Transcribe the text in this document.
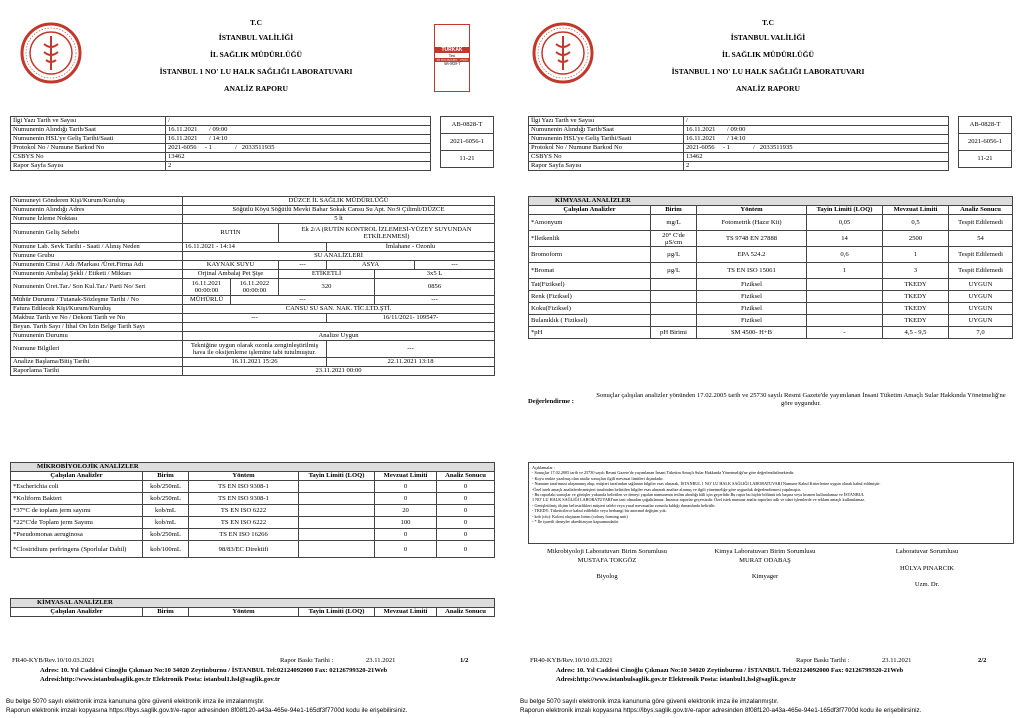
T.C
İSTANBUL VALİLİĞİ
İL SAĞLIK MÜDÜRLÜĞÜ
İSTANBUL 1 NO' LU HALK SAĞLIĞI LABORATUVARI
ANALİZ RAPORU
TÜRKAK
Test
TS EN ISO/IEC 17025
AB-0828-T
İlgi Yazı Tarih ve Sayısı	/
Numunenin Alındığı Tarih/Saat	16.11.2021       / 09:00
Numunenin HSL'ye Geliş Tarihi/Saati	16.11.2021       / 14:10
Protokol No / Numune Barkod No	2021-6056     - 1              /   2033511935
CSBYS No	13462
Rapor Sayfa Sayısı	2
AB-0828-T
2021-6056-1
11-21
Numuneyi Gönderen Kişi/Kurum/Kuruluş	DÜZCE İL SAĞLIK MÜDÜRLÜĞÜ					
Numunenin Alındığı Adres	Söğütlü Köyü Söğütlü Mevki Bahar Sokak Cansu Su Apt. No:9 Çilimli/DÜZCE					
Numune İzleme Noktası	5 lt					
Numunenin Geliş Sebebi	RUTİN		Ek 2/A (RUTİN KONTROL İZLEMESİ-YÜZEY SUYUNDAN ETKİLENMESİ)			
Numune Lab. Sevk Tarihi - Saati / Alınış Neden	16.11.2021 - 14:14			İmlahane - Ozonlu		
Numune Grubu	SU ANALİZLERİ					
Numunenin Cinsi / Adı /Markası /Üret.Firma Adı	KAYNAK SUYU		---	ASYA		---
Numunenin Ambalaj Şekli / Etiketi / Miktarı	Orjinal Ambalaj Pet Şişe		ETİKETLİ		3x5 L	
Numunenin Üret.Tar./ Son Kul.Tar./ Parti No/ Seri	16.11.2021 00:00:00	16.11.2022 00:00:00	320		0856	
Mühür Durumu / Tutanak-Sözleşme Tarihi / No	MÜHÜRLÜ	---			---	
Fatura Edilecek Kişi/Kurum/Kuruluş	CANSU SU SAN. NAK. TİC.LTD.ŞTİ.					
Makbuz Tarih ve No / Dekont Tarih ve No	---			16/11/2021- 109547-		
Beyan. Tarih Sayı / İthal On İzin Belge Tarih Sayı						
Numunenin Durumu	Analize Uygun					
Numune Bilgileri	Tekniğine uygun olarak ozonla zenginleştirilmiş hava ile oksijenleme işlemine tabi tutulmuştur.			---		
Analize Başlama/Bitiş Tarihi	16.11.2021 15:26			22.11.2021 13:18		
Raporlama Tarihi	23.11.2021 00:00					
MİKROBİYOLOJİK ANALİZLER					
Çalışılan Analizler	Birim	Yöntem	Tayin Limiti (LOQ)	Mevzuat Limiti	Analiz Sonucu
*Escherichia coli	kob/250mL	TS EN ISO 9308-1		0	0
*Koliform Bakteri	kob/250mL	TS EN ISO 9308-1		0	0
*37°C de toplam jerm sayımı	kob/mL	TS EN ISO 6222		20	0
*22°C'de Toplam jerm Sayımı	kob/mL	TS EN ISO 6222		100	0
*Pseudomonas aeruginosa	kob/250mL	TS EN ISO 16266		0	0
*Clostridium perfringens (Sporlular Dahil)	kob/100mL	98/83/EC Direktifi		0	0
KİMYASAL ANALİZLER
Çalışılan Analizler	Birim	Yöntem	Tayin Limiti (LOQ)	Mevzuat Limiti	Analiz Sonucu
FR40-KYB/Rev.10/10.03.2021	Rapor Baskı Tarihi :	23.11.2021	1/2
Adres: 10. Yıl Caddesi Cinoğlu Çıkmazı No:10 34020 Zeytinburnu / İSTANBUL Tel:02124092000 Fax: 02126799320-21Web
Adresi:http://www.istanbulsaglik.gov.tr Elektronik Posta: istanbul1.hsl@saglik.gov.tr
Bu belge 5070 sayılı elektronik imza kanununa göre güvenli elektronik imza ile imzalanmıştır.
Raporun elektronik imzalı kopyasına https://lbys.saglik.gov.tr/e-rapor adresinden 8f08f120-a43a-465e-94e1-165df3f7700d kodu ile erişebilirsiniz.
T.C
İSTANBUL VALİLİĞİ
İL SAĞLIK MÜDÜRLÜĞÜ
İSTANBUL 1 NO' LU HALK SAĞLIĞI LABORATUVARI
ANALİZ RAPORU
İlgi Yazı Tarih ve Sayısı	/
Numunenin Alındığı Tarih/Saat	16.11.2021       / 09:00
Numunenin HSL'ye Geliş Tarihi/Saati	16.11.2021       / 14:10
Protokol No / Numune Barkod No	2021-6056     - 1              /   2033511935
CSBYS No	13462
Rapor Sayfa Sayısı	2
AB-0828-T
2021-6056-1
11-21
KİMYASAL ANALİZLER					
Çalışılan Analizler	Birim	Yöntem	Tayin Limiti (LOQ)	Mevzuat Limiti	Analiz Sonucu
*Amonyum	mg/L	Fotometrik (Hazır Kit)	0,05	0,5	Tespit Edilemedi
*İletkenlik	20° C'de µS/cm	TS 9748 EN 27888	14	2500	54
Bromoform	µg/L	EPA 524.2	0,6	1	Tespit Edilemedi
*Bromat	µg/L	TS EN ISO 15061	1	3	Tespit Edilemedi
Tat(Fiziksel)		Fiziksel		TKEDY	UYGUN
Renk (Fiziksel)		Fiziksel		TKEDY	UYGUN
Koku(Fiziksel)		Fiziksel		TKEDY	UYGUN
Bulanıklık ( Fiziksel)		Fiziksel		TKEDY	UYGUN
*pH	pH Birimi	SM 4500- H+B	-	4,5 - 9,5	7,0
Değerlendirme :
Sonuçlar çalışılan analizler yönünden 17.02.2005 tarih ve 25730 sayılı Resmi Gazete'de yayımlanan İnsani Tüketim Amaçlı Sular Hakkında Yönetmeliğ'ne göre uygundur.
Açıklamalar :
- Sonuçlar 17.02.2005 tarih ve 25730 sayılı Resmi Gazete'de yayımlanan İnsani Tüketim Amaçlı Sular Hakkında Yönetmeliği'ne göre değerlendirilmektedir.
- Koyu renkte yazılmış olan analiz sonuçları ilgili mevzuat limitleri dışındadır.
- Numune tarafımıza ulaşmamış olup, müşteri tarafından sağlanan bilgiler esas alınarak, İSTANBUL 1 NO' LU HALK SAĞLIĞI LABORATUVARI Numune Kabul Kriterlerine uygun olarak kabul edilmiştir.
-Özel istek amaçlı analizlerde;müşteri tarafından belirtilen bilgiler esas alınarak analize alınmış ve ilgili yönetmeliğe göre uygunluk değerlendirmesi yapılmıştır.
- Bu raporlaki sonuçlar ve görüşler yukarıda belirtilen ve deneyi yapılan numunenin teslim alındığı hâli için geçerlidir.Bu rapor bu hiçbir bölümü tek başına veya kısmen kullanılamaz ve İSTANBUL
1 NO' LU HALK SAĞLIĞI LABORATUVARI'nın izni olmadan çoğaltılamaz. İmzasız raporlar geçersizdir. Özel istek numune analiz raporları adlı ve idari işlemlerde ve reklam amaçlı kullanılamaz.
- Genişletilmiş ölçüm belirsizlikleri müşteri talebi veya yasal mevzuatlar zorunlu kıldığı durumlarda belirtilir.
- TKEDY: Tüketicilerce kabul edilebilir veya herhangi bir anormal değişim yok.
- kob (cfu): Koloni oluşturan birim (colony forming unit)
- * İle işaretli deneyler akreditasyon kapsamındadır.
Mikrobiyoloji Laboratuvarı Birim Sorumlusu
MUSTAFA TOKGÖZ
Biyolog
Kimya Laboratuvarı Birim Sorumlusu
MURAT ODABAŞ
Kimyager
Laboratuvar Sorumlusu
HÜLYA PINARCIK
Uzm. Dr.
FR40-KYB/Rev.10/10.03.2021	Rapor Baskı Tarihi :	23.11.2021	2/2
Adres: 10. Yıl Caddesi Cinoğlu Çıkmazı No:10 34020 Zeytinburnu / İSTANBUL Tel:02124092000 Fax: 02126799320-21Web
Adresi:http://www.istanbulsaglik.gov.tr Elektronik Posta: istanbul1.hsl@saglik.gov.tr
Bu belge 5070 sayılı elektronik imza kanununa göre güvenli elektronik imza ile imzalanmıştır.
Raporun elektronik imzalı kopyasına https://lbys.saglik.gov.tr/e-rapor adresinden 8f08f120-a43a-465e-94e1-165df3f7700d kodu ile erişebilirsiniz.
